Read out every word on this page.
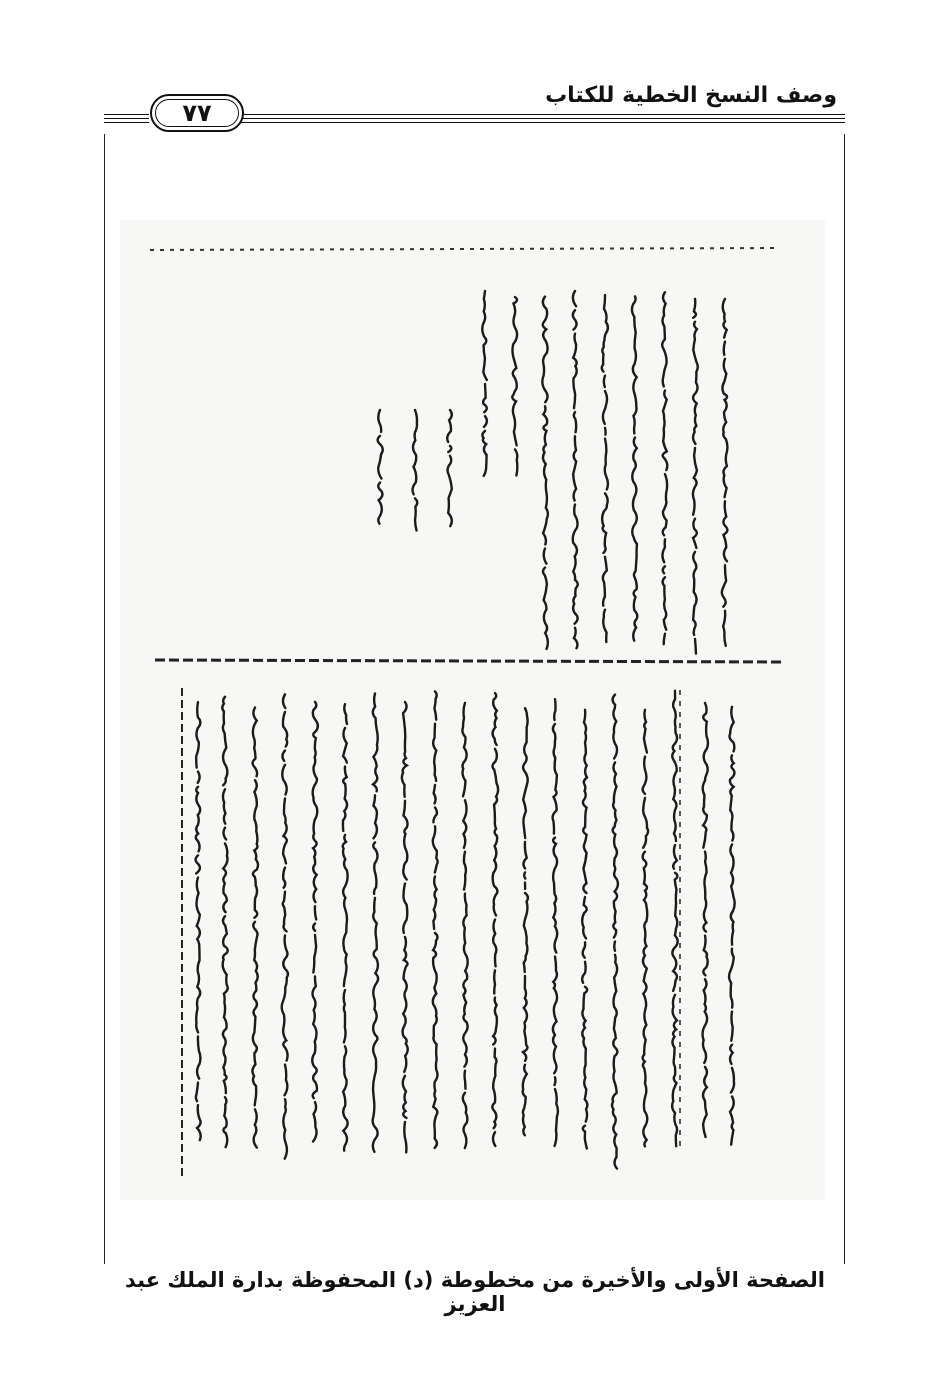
وصف النسخ الخطية للكتاب
٧٧
الصفحة الأولى والأخيرة من مخطوطة (د) المحفوظة بدارة الملك عبد العزيز
